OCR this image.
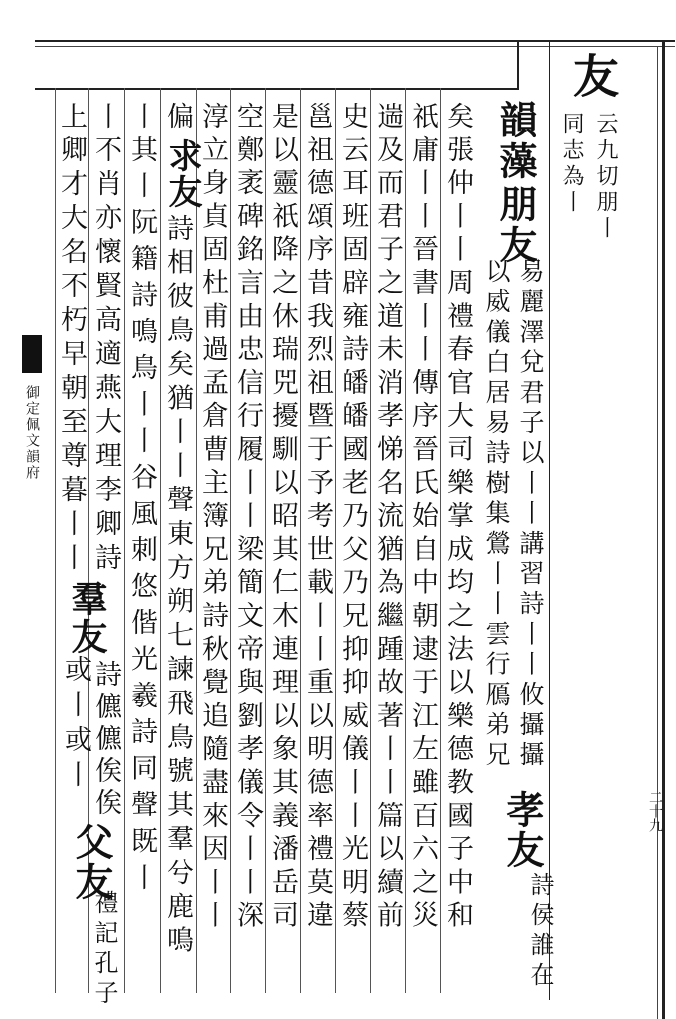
友
云九切朋丨
同志為丨
韻藻
朋友
易麗澤兌君子以丨丨講習詩丨丨攸攝攝
以威儀白居易詩樹集鶯丨丨雲行鴈弟兄
矣
張仲丨丨周禮春官大司樂掌成均之法以樂德教國子中和
祇
庸丨丨晉書丨丨傳序晉氏始自中朝逮于江左雖百六之災
遄
及而君子之道未消孝悌名流猶為繼踵故著丨丨篇以續前
史
云耳班固辟雍詩皤皤國老乃父乃兄抑抑威儀丨丨光明蔡
邕
祖德頌序昔我烈祖暨于予考世載丨丨重以明德率禮莫違
是
以靈祇降之休瑞兕擾馴以昭其仁木連理以象其義潘岳司
空
鄭袤碑銘言由忠信行履丨丨梁簡文帝與劉孝儀令丨丨深
淳
立身貞固杜甫過孟倉曹主簿兄弟詩秋覺追隨盡來因丨丨
偏
求友
詩相彼鳥矣猶丨丨聲東方朔七諫飛鳥號其羣兮鹿鳴
丨
其丨阮籍詩鳴鳥丨丨谷風刺悠偕光羲詩同聲既丨
丨
不肖亦懷賢高適燕大理李卿詩
羣友
詩儦儦俟俟
或丨或丨
上
卿才大名不朽早朝至尊暮丨丨
孝友
詩侯誰在
父友
禮記孔子
御定佩文韻府
二十九
